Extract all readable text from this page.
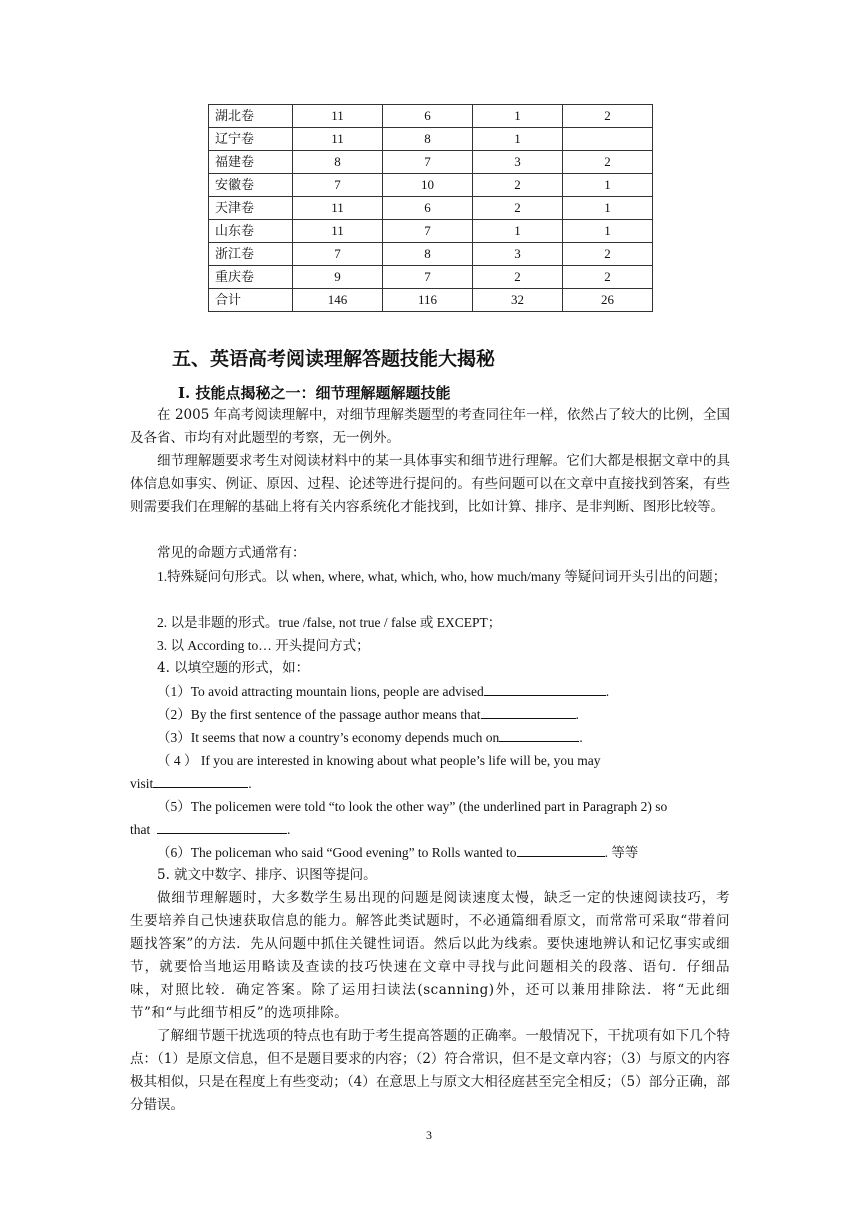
湖北卷	11	6	1	2
辽宁卷	11	8	1	
福建卷	8	7	3	2
安徽卷	7	10	2	1
天津卷	11	6	2	1
山东卷	11	7	1	1
浙江卷	7	8	3	2
重庆卷	9	7	2	2
合计	146	116	32	26
五、英语高考阅读理解答题技能大揭秘
I. 技能点揭秘之一：细节理解题解题技能

在 2005 年高考阅读理解中，对细节理解类题型的考查同往年一样，依然占了较大的比例，全国及各省、市均有对此题型的考察，无一例外。

细节理解题要求考生对阅读材料中的某一具体事实和细节进行理解。它们大都是根据文章中的具体信息如事实、例证、原因、过程、论述等进行提问的。有些问题可以在文章中直接找到答案，有些则需要我们在理解的基础上将有关内容系统化才能找到，比如计算、排序、是非判断、图形比较等。

常见的命题方式通常有：

1.特殊疑问句形式。以 when, where, what, which, who, how much/many 等疑问词开头引出的问题；

2. 以是非题的形式。true /false, not true / false 或 EXCEPT；

3. 以 According to… 开头提问方式；

4. 以填空题的形式，如：

（1）To avoid attracting mountain lions, people are advised	.
（2）By the first sentence of the passage author means that	.
（3）It seems that now a country’s economy depends much on	.
（ 4 ） If you are interested in knowing about what people’s life will be, you may
visit	.
（5）The policemen were told “to look the other way” (the underlined part in Paragraph 2) so
that	.
（6）The policeman who said “Good evening” to Rolls wanted to	. 等等

5. 就文中数字、排序、识图等提问。

做细节理解题时，大多数学生易出现的问题是阅读速度太慢，缺乏一定的快速阅读技巧，考生要培养自己快速获取信息的能力。解答此类试题时，不必通篇细看原文，而常常可采取“带着问题找答案”的方法．先从问题中抓住关键性词语。然后以此为线索。要快速地辨认和记忆事实或细节，就要恰当地运用略读及查读的技巧快速在文章中寻找与此问题相关的段落、语句．仔细品味，对照比较．确定答案。除了运用扫读法(scanning)外，还可以兼用排除法．将“无此细节”和“与此细节相反”的选项排除。

了解细节题干扰选项的特点也有助于考生提高答题的正确率。一般情况下，干扰项有如下几个特点：（1）是原文信息，但不是题目要求的内容；（2）符合常识，但不是文章内容；（3）与原文的内容极其相似，只是在程度上有些变动；（4）在意思上与原文大相径庭甚至完全相反；（5）部分正确，部分错误。

3
